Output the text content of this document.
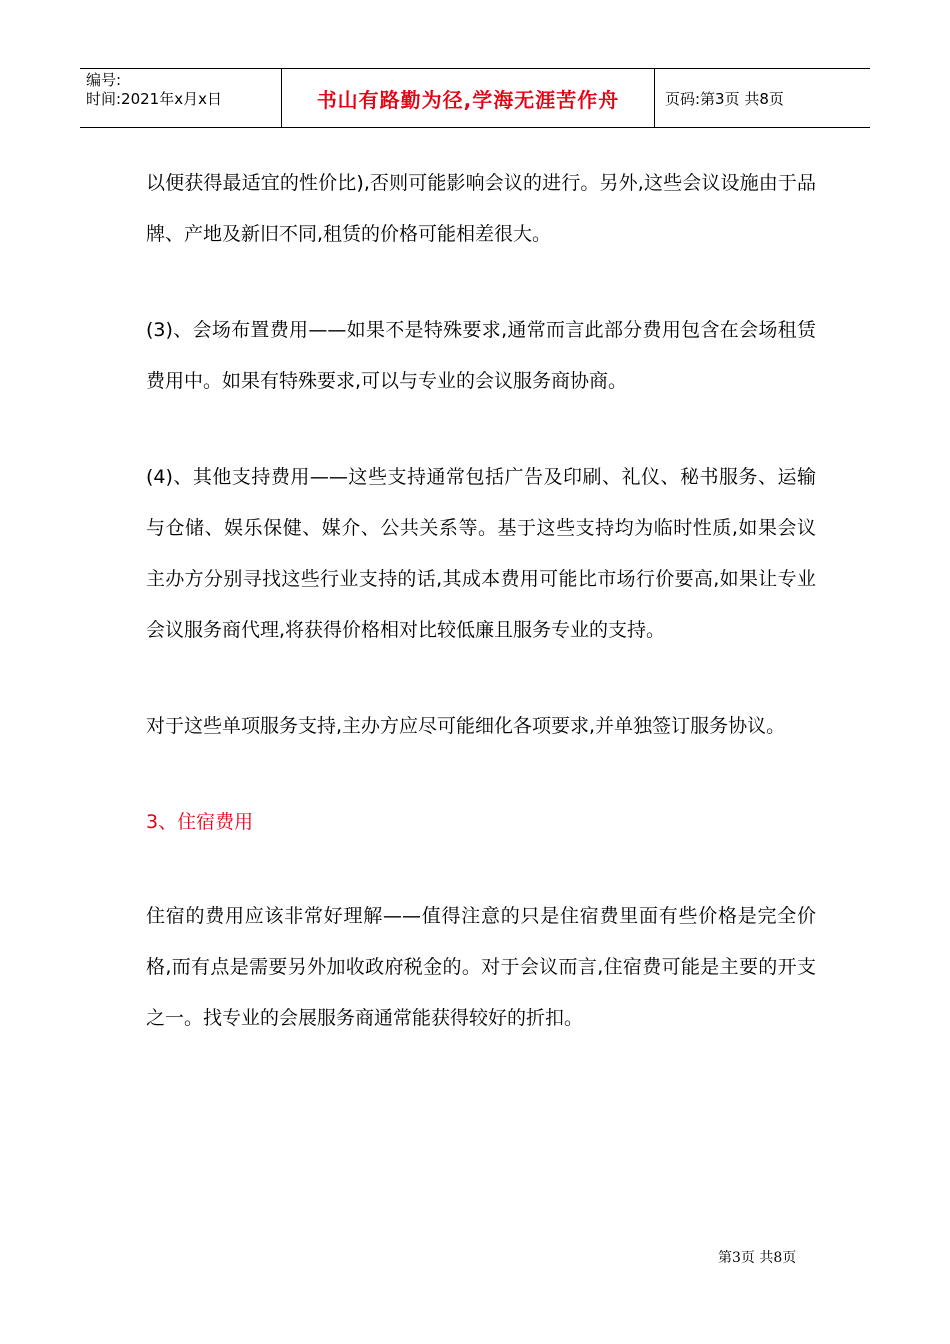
编号:
时间:2021年x月x日	书山有路勤为径,学海无涯苦作舟	页码:第3页 共8页

以便获得最适宜的性价比),否则可能影响会议的进行。另外,这些会议设施由于品牌、产地及新旧不同,租赁的价格可能相差很大。

(3)、会场布置费用——如果不是特殊要求,通常而言此部分费用包含在会场租赁费用中。如果有特殊要求,可以与专业的会议服务商协商。

(4)、其他支持费用——这些支持通常包括广告及印刷、礼仪、秘书服务、运输与仓储、娱乐保健、媒介、公共关系等。基于这些支持均为临时性质,如果会议主办方分别寻找这些行业支持的话,其成本费用可能比市场行价要高,如果让专业会议服务商代理,将获得价格相对比较低廉且服务专业的支持。

对于这些单项服务支持,主办方应尽可能细化各项要求,并单独签订服务协议。

3、住宿费用

住宿的费用应该非常好理解——值得注意的只是住宿费里面有些价格是完全价格,而有点是需要另外加收政府税金的。对于会议而言,住宿费可能是主要的开支之一。找专业的会展服务商通常能获得较好的折扣。

第3页 共8页
